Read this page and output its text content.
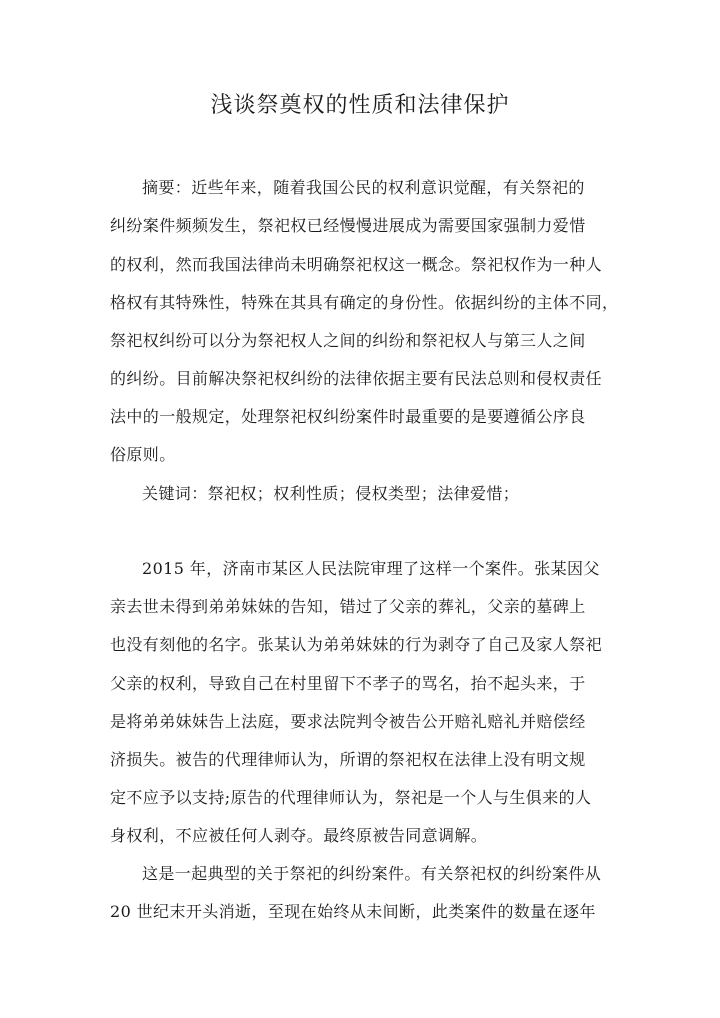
浅谈祭奠权的性质和法律保护
摘要：近些年来，随着我国公民的权利意识觉醒，有关祭祀的
纠纷案件频频发生，祭祀权已经慢慢进展成为需要国家强制力爱惜
的权利，然而我国法律尚未明确祭祀权这一概念。祭祀权作为一种人
格权有其特殊性，特殊在其具有确定的身份性。依据纠纷的主体不同，
祭祀权纠纷可以分为祭祀权人之间的纠纷和祭祀权人与第三人之间
的纠纷。目前解决祭祀权纠纷的法律依据主要有民法总则和侵权责任
法中的一般规定，处理祭祀权纠纷案件时最重要的是要遵循公序良
俗原则。
关键词：祭祀权；权利性质；侵权类型；法律爱惜；
2015 年，济南市某区人民法院审理了这样一个案件。张某因父
亲去世未得到弟弟妹妹的告知，错过了父亲的葬礼，父亲的墓碑上
也没有刻他的名字。张某认为弟弟妹妹的行为剥夺了自己及家人祭祀
父亲的权利，导致自己在村里留下不孝子的骂名，抬不起头来，于
是将弟弟妹妹告上法庭，要求法院判令被告公开赔礼赔礼并赔偿经
济损失。被告的代理律师认为，所谓的祭祀权在法律上没有明文规
定不应予以支持;原告的代理律师认为，祭祀是一个人与生俱来的人
身权利，不应被任何人剥夺。最终原被告同意调解。
这是一起典型的关于祭祀的纠纷案件。有关祭祀权的纠纷案件从
20 世纪末开头消逝，至现在始终从未间断，此类案件的数量在逐年
